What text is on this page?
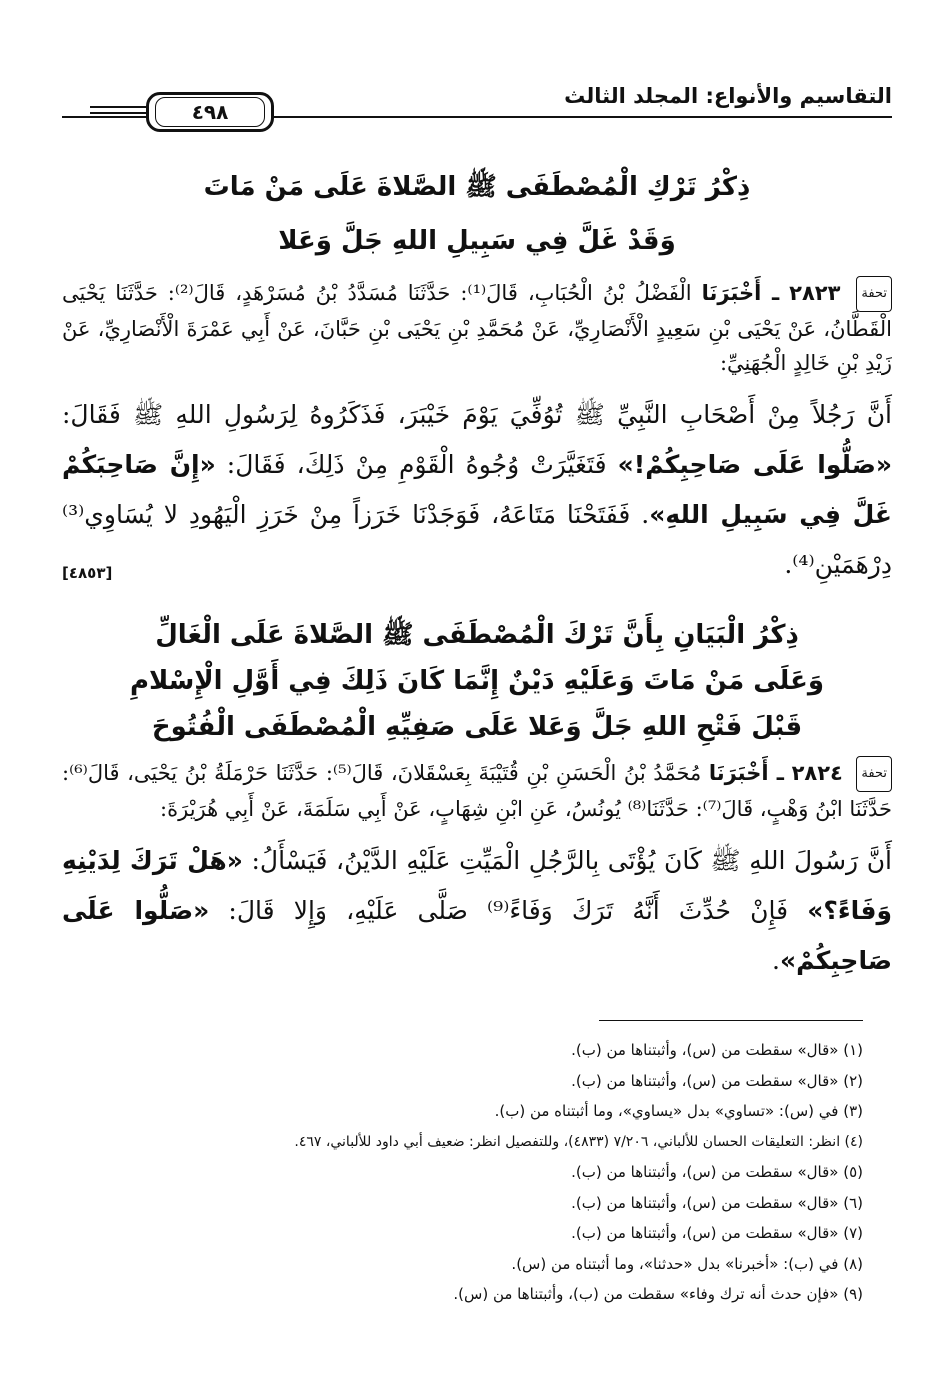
التقاسيم والأنواع: المجلد الثالث
٤٩٨
ذِكْرُ تَرْكِ الْمُصْطَفَى ﷺ الصَّلاةَ عَلَى مَنْ مَاتَ
وَقَدْ غَلَّ فِي سَبِيلِ اللهِ جَلَّ وَعَلا

تحفة ٢٨٢٣ ـ أَخْبَرَنَا الْفَضْلُ بْنُ الْحُبَابِ، قَالَ⁽¹⁾: حَدَّثَنَا مُسَدَّدُ بْنُ مُسَرْهَدٍ، قَالَ⁽²⁾: حَدَّثَنَا يَحْيَى الْقَطَّانُ، عَنْ يَحْيَى بْنِ سَعِيدٍ الْأَنْصَارِيِّ، عَنْ مُحَمَّدِ بْنِ يَحْيَى بْنِ حَبَّانَ، عَنْ أَبِي عَمْرَةَ الْأَنْصَارِيِّ، عَنْ زَيْدِ بْنِ خَالِدٍ الْجُهَنِيِّ:

أَنَّ رَجُلاً مِنْ أَصْحَابِ النَّبِيِّ ﷺ تُوُفِّيَ يَوْمَ خَيْبَرَ، فَذَكَرُوهُ لِرَسُولِ اللهِ ﷺ فَقَالَ: «صَلُّوا عَلَى صَاحِبِكُمْ!» فَتَغَيَّرَتْ وُجُوهُ الْقَوْمِ مِنْ ذَلِكَ، فَقَالَ: «إِنَّ صَاحِبَكُمْ غَلَّ فِي سَبِيلِ اللهِ». فَفَتَحْنَا مَتَاعَهُ، فَوَجَدْنَا خَرَزاً مِنْ خَرَزِ الْيَهُودِ لا يُسَاوِي⁽³⁾ دِرْهَمَيْنِ⁽⁴⁾.
[٤٨٥٣]

ذِكْرُ الْبَيَانِ بِأَنَّ تَرْكَ الْمُصْطَفَى ﷺ الصَّلاةَ عَلَى الْغَالِّ
وَعَلَى مَنْ مَاتَ وَعَلَيْهِ دَيْنٌ إِنَّمَا كَانَ ذَلِكَ فِي أَوَّلِ الْإِسْلامِ
قَبْلَ فَتْحِ اللهِ جَلَّ وَعَلا عَلَى صَفِيِّهِ الْمُصْطَفَى الْفُتُوحَ

تحفة ٢٨٢٤ ـ أَخْبَرَنَا مُحَمَّدُ بْنُ الْحَسَنِ بْنِ قُتَيْبَةَ بِعَسْقَلانَ، قَالَ⁽⁵⁾: حَدَّثَنَا حَرْمَلَةُ بْنُ يَحْيَى، قَالَ⁽⁶⁾: حَدَّثَنَا ابْنُ وَهْبٍ، قَالَ⁽⁷⁾: حَدَّثَنَا⁽⁸⁾ يُونُسُ، عَنِ ابْنِ شِهَابٍ، عَنْ أَبِي سَلَمَةَ، عَنْ أَبِي هُرَيْرَةَ:

أَنَّ رَسُولَ اللهِ ﷺ كَانَ يُؤْتَى بِالرَّجُلِ الْمَيِّتِ عَلَيْهِ الدَّيْنُ، فَيَسْأَلُ: «هَلْ تَرَكَ لِدَيْنِهِ وَفَاءً؟» فَإِنْ حُدِّثَ أَنَّهُ تَرَكَ وَفَاءً⁽⁹⁾ صَلَّى عَلَيْهِ، وَإِلا قَالَ: «صَلُّوا عَلَى صَاحِبِكُمْ».

(١) «قال» سقطت من (س)، وأثبتناها من (ب).
(٢) «قال» سقطت من (س)، وأثبتناها من (ب).
(٣) في (س): «تساوي» بدل «يساوي»، وما أثبتناه من (ب).
(٤) انظر: التعليقات الحسان للألباني، ٧/٢٠٦ (٤٨٣٣)، وللتفصيل انظر: ضعيف أبي داود للألباني، ٤٦٧.
(٥) «قال» سقطت من (س)، وأثبتناها من (ب).
(٦) «قال» سقطت من (س)، وأثبتناها من (ب).
(٧) «قال» سقطت من (س)، وأثبتناها من (ب).
(٨) في (ب): «أخبرنا» بدل «حدثنا»، وما أثبتناه من (س).
(٩) «فإن حدث أنه ترك وفاء» سقطت من (ب)، وأثبتناها من (س).
